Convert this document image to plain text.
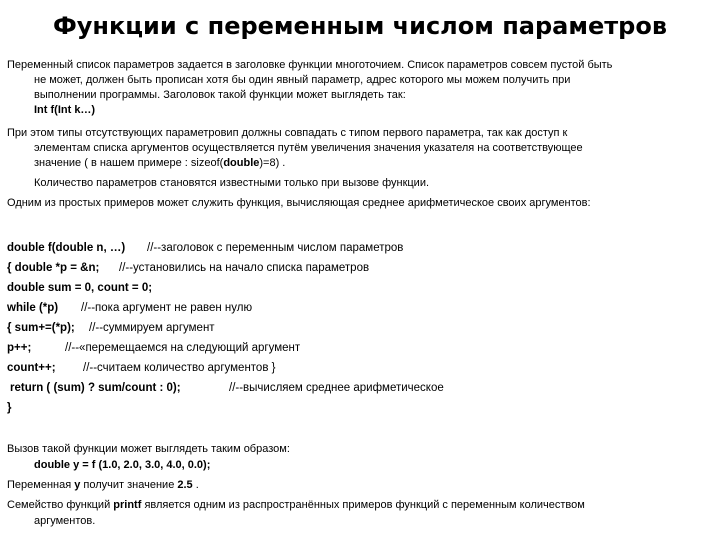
Функции с переменным числом параметров
Переменный список параметров задается в заголовке функции многоточием. Список параметров совсем пустой быть
не может, должен быть прописан хотя бы один явный параметр, адрес которого мы можем получить при
выполнении программы. Заголовок такой функции может выглядеть так:
Int f(Int k…)
При этом типы отсутствующих параметровип должны совпадать с типом первого параметра, так как доступ к
элементам списка аргументов осуществляется путём увеличения значения указателя на соответствующее
значение ( в нашем примере : sizeof(double)=8) .
Количество параметров становятся известными только при вызове функции.
Одним из простых примеров может служить функция, вычисляющая среднее арифметическое своих аргументов:
double f(double n, …) //--заголовок с переменным числом параметров
{ double *p = &n; //--установились на начало списка параметров
double sum = 0, count = 0;
while (*p) //--пока аргумент не равен нулю
{ sum+=(*p); //--суммируем аргумент
p++;	//--«перемещаемся на следующий аргумент
count++; //--считаем количество аргументов }
return ( (sum) ? sum/count : 0);	//--вычисляем среднее арифметическое
}
Вызов такой функции может выглядеть таким образом:
double y = f (1.0, 2.0, 3.0, 4.0, 0.0);
Переменная y получит значение 2.5 .
Семейство функций printf является одним из распространённых примеров функций с переменным количеством
аргументов.
